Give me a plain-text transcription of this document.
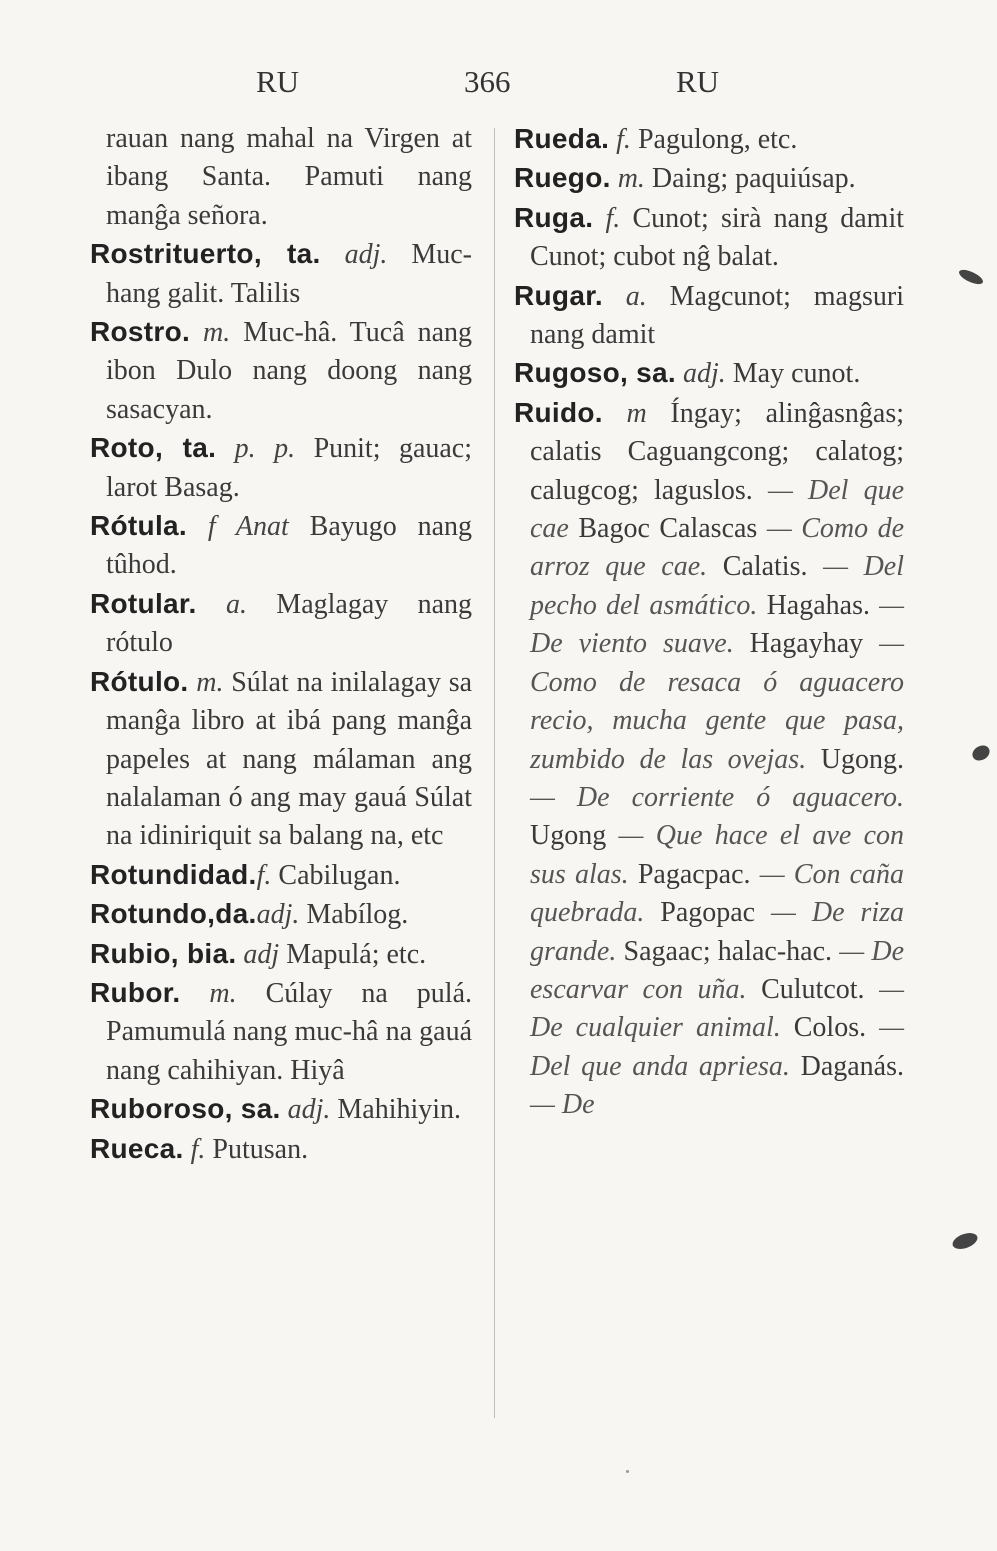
RU	366	RU

rauan nang mahal na Virgen at ibang Santa. Pamuti nang manĝa señora.

Rostrituerto, ta. adj. Muc-hang galit. Talilis

Rostro. m. Muc-hâ. Tucâ nang ibon Dulo nang doong nang sasacyan.

Roto, ta. p. p. Punit; gauac; larot Basag.

Rótula. f Anat Bayugo nang tûhod.

Rotular. a. Maglagay nang rótulo

Rótulo. m. Súlat na inilalagay sa manĝa libro at ibá pang manĝa papeles at nang málaman ang nalalaman ó ang may gauá Súlat na idiniriquit sa balang na, etc

Rotundidad.f. Cabilugan.

Rotundo,da.adj. Mabílog.

Rubio, bia. adj Mapulá; etc.

Rubor. m. Cúlay na pulá. Pamumulá nang muc-hâ na gauá nang cahihiyan. Hiyâ

Ruboroso, sa. adj. Mahihiyin.

Rueca. f. Putusan.

Rueda. f. Pagulong, etc.

Ruego. m. Daing; paquiúsap.

Ruga. f. Cunot; sirà nang damit Cunot; cubot nĝ balat.

Rugar. a. Magcunot; magsuri nang damit

Rugoso, sa. adj. May cunot.

Ruido. m Íngay; alinĝasnĝas; calatis Caguangcong; calatog; calugcog; laguslos. — Del que cae Bagoc Calascas — Como de arroz que cae. Calatis. — Del pecho del asmático. Hagahas. — De viento suave. Hagayhay — Como de resaca ó aguacero recio, mucha gente que pasa, zumbido de las ovejas. Ugong. — De corriente ó aguacero. Ugong — Que hace el ave con sus alas. Pagacpac. — Con caña quebrada. Pagopac — De riza grande. Sagaac; halac-hac. — De escarvar con uña. Culutcot. — De cualquier animal. Colos. — Del que anda apriesa. Daganás. — De
